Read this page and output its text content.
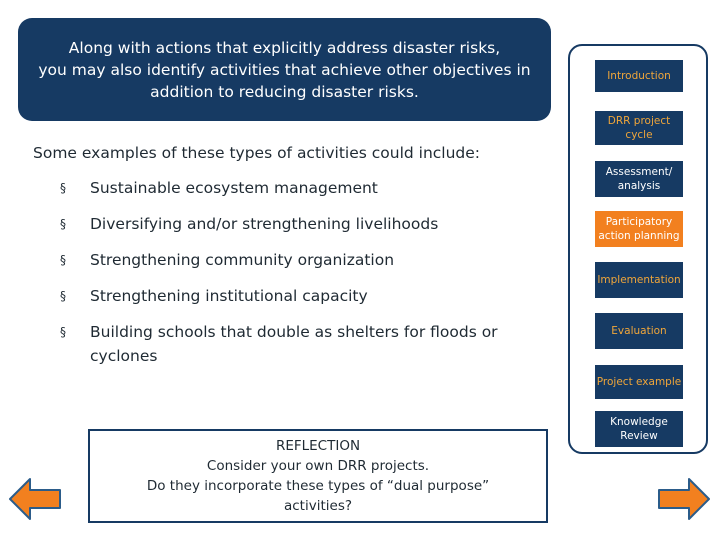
Along with actions that explicitly address disaster risks,
you may also identify activities that achieve other objectives in
addition to reducing disaster risks.
Some examples of these types of activities could include:
§ Sustainable ecosystem management
§ Diversifying and/or strengthening livelihoods
§ Strengthening community organization
§ Strengthening institutional capacity
§ Building schools that double as shelters for floods or cyclones
REFLECTION
Consider your own DRR projects.
Do they incorporate these types of “dual purpose”
activities?
Introduction
DRR project cycle
Assessment/ analysis
Participatory action planning
Implementation
Evaluation
Project example
Knowledge Review
